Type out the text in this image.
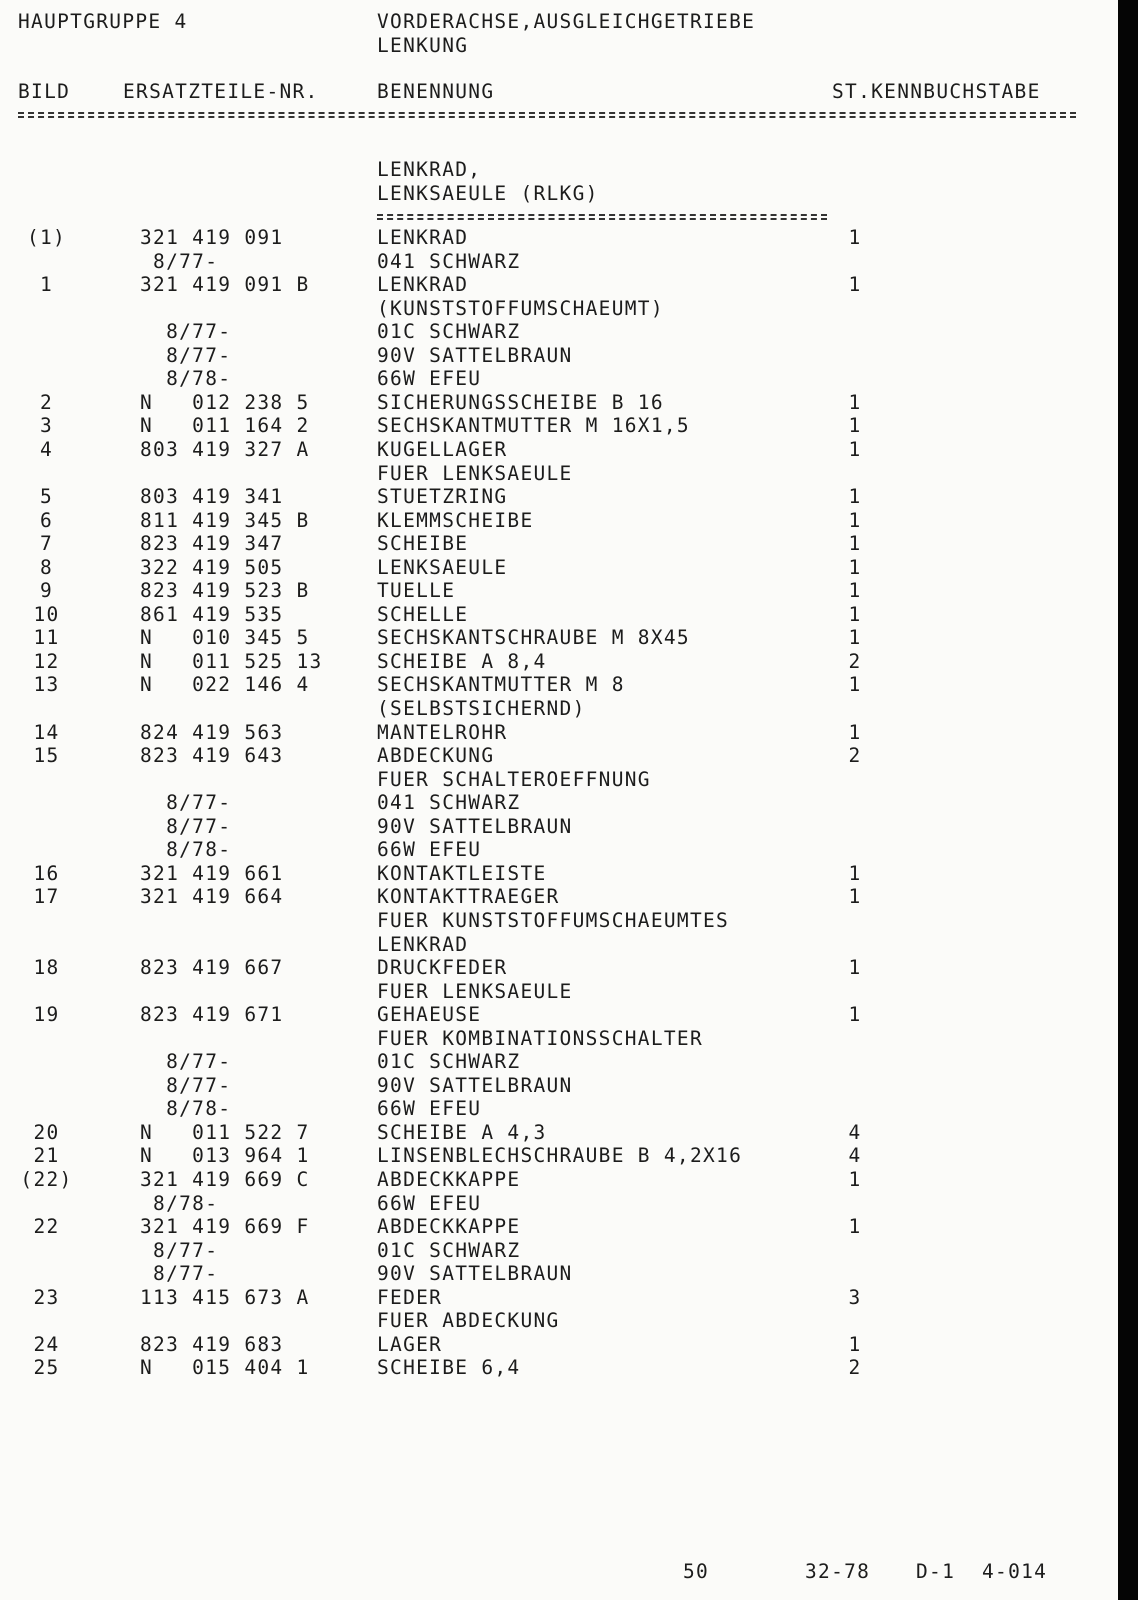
HAUPTGRUPPE 4	VORDERACHSE,AUSGLEICHGETRIEBE
LENKUNG
BILD	ERSATZTEILE-NR.	BENENNUNG	ST.KENNBUCHSTABE
LENKRAD,
LENKSAEULE (RLKG)
(1)	321 419 091	LENKRAD	1
8/77-	041 SCHWARZ
1	321 419 091 B	LENKRAD	1
(KUNSTSTOFFUMSCHAEUMT)
8/77-	01C SCHWARZ
8/77-	90V SATTELBRAUN
8/78-	66W EFEU
2	N   012 238 5	SICHERUNGSSCHEIBE B 16	1
3	N   011 164 2	SECHSKANTMUTTER M 16X1,5	1
4	803 419 327 A	KUGELLAGER	1
FUER LENKSAEULE
5	803 419 341	STUETZRING	1
6	811 419 345 B	KLEMMSCHEIBE	1
7	823 419 347	SCHEIBE	1
8	322 419 505	LENKSAEULE	1
9	823 419 523 B	TUELLE	1
10	861 419 535	SCHELLE	1
11	N   010 345 5	SECHSKANTSCHRAUBE M 8X45	1
12	N   011 525 13	SCHEIBE A 8,4	2
13	N   022 146 4	SECHSKANTMUTTER M 8	1
(SELBSTSICHERND)
14	824 419 563	MANTELROHR	1
15	823 419 643	ABDECKUNG	2
FUER SCHALTEROEFFNUNG
8/77-	041 SCHWARZ
8/77-	90V SATTELBRAUN
8/78-	66W EFEU
16	321 419 661	KONTAKTLEISTE	1
17	321 419 664	KONTAKTTRAEGER	1
FUER KUNSTSTOFFUMSCHAEUMTES
LENKRAD
18	823 419 667	DRUCKFEDER	1
FUER LENKSAEULE
19	823 419 671	GEHAEUSE	1
FUER KOMBINATIONSSCHALTER
8/77-	01C SCHWARZ
8/77-	90V SATTELBRAUN
8/78-	66W EFEU
20	N   011 522 7	SCHEIBE A 4,3	4
21	N   013 964 1	LINSENBLECHSCHRAUBE B 4,2X16	4
(22)	321 419 669 C	ABDECKKAPPE	1
8/78-	66W EFEU
22	321 419 669 F	ABDECKKAPPE	1
8/77-	01C SCHWARZ
8/77-	90V SATTELBRAUN
23	113 415 673 A	FEDER	3
FUER ABDECKUNG
24	823 419 683	LAGER	1
25	N   015 404 1	SCHEIBE 6,4	2
50	32-78 D-1 4-014
